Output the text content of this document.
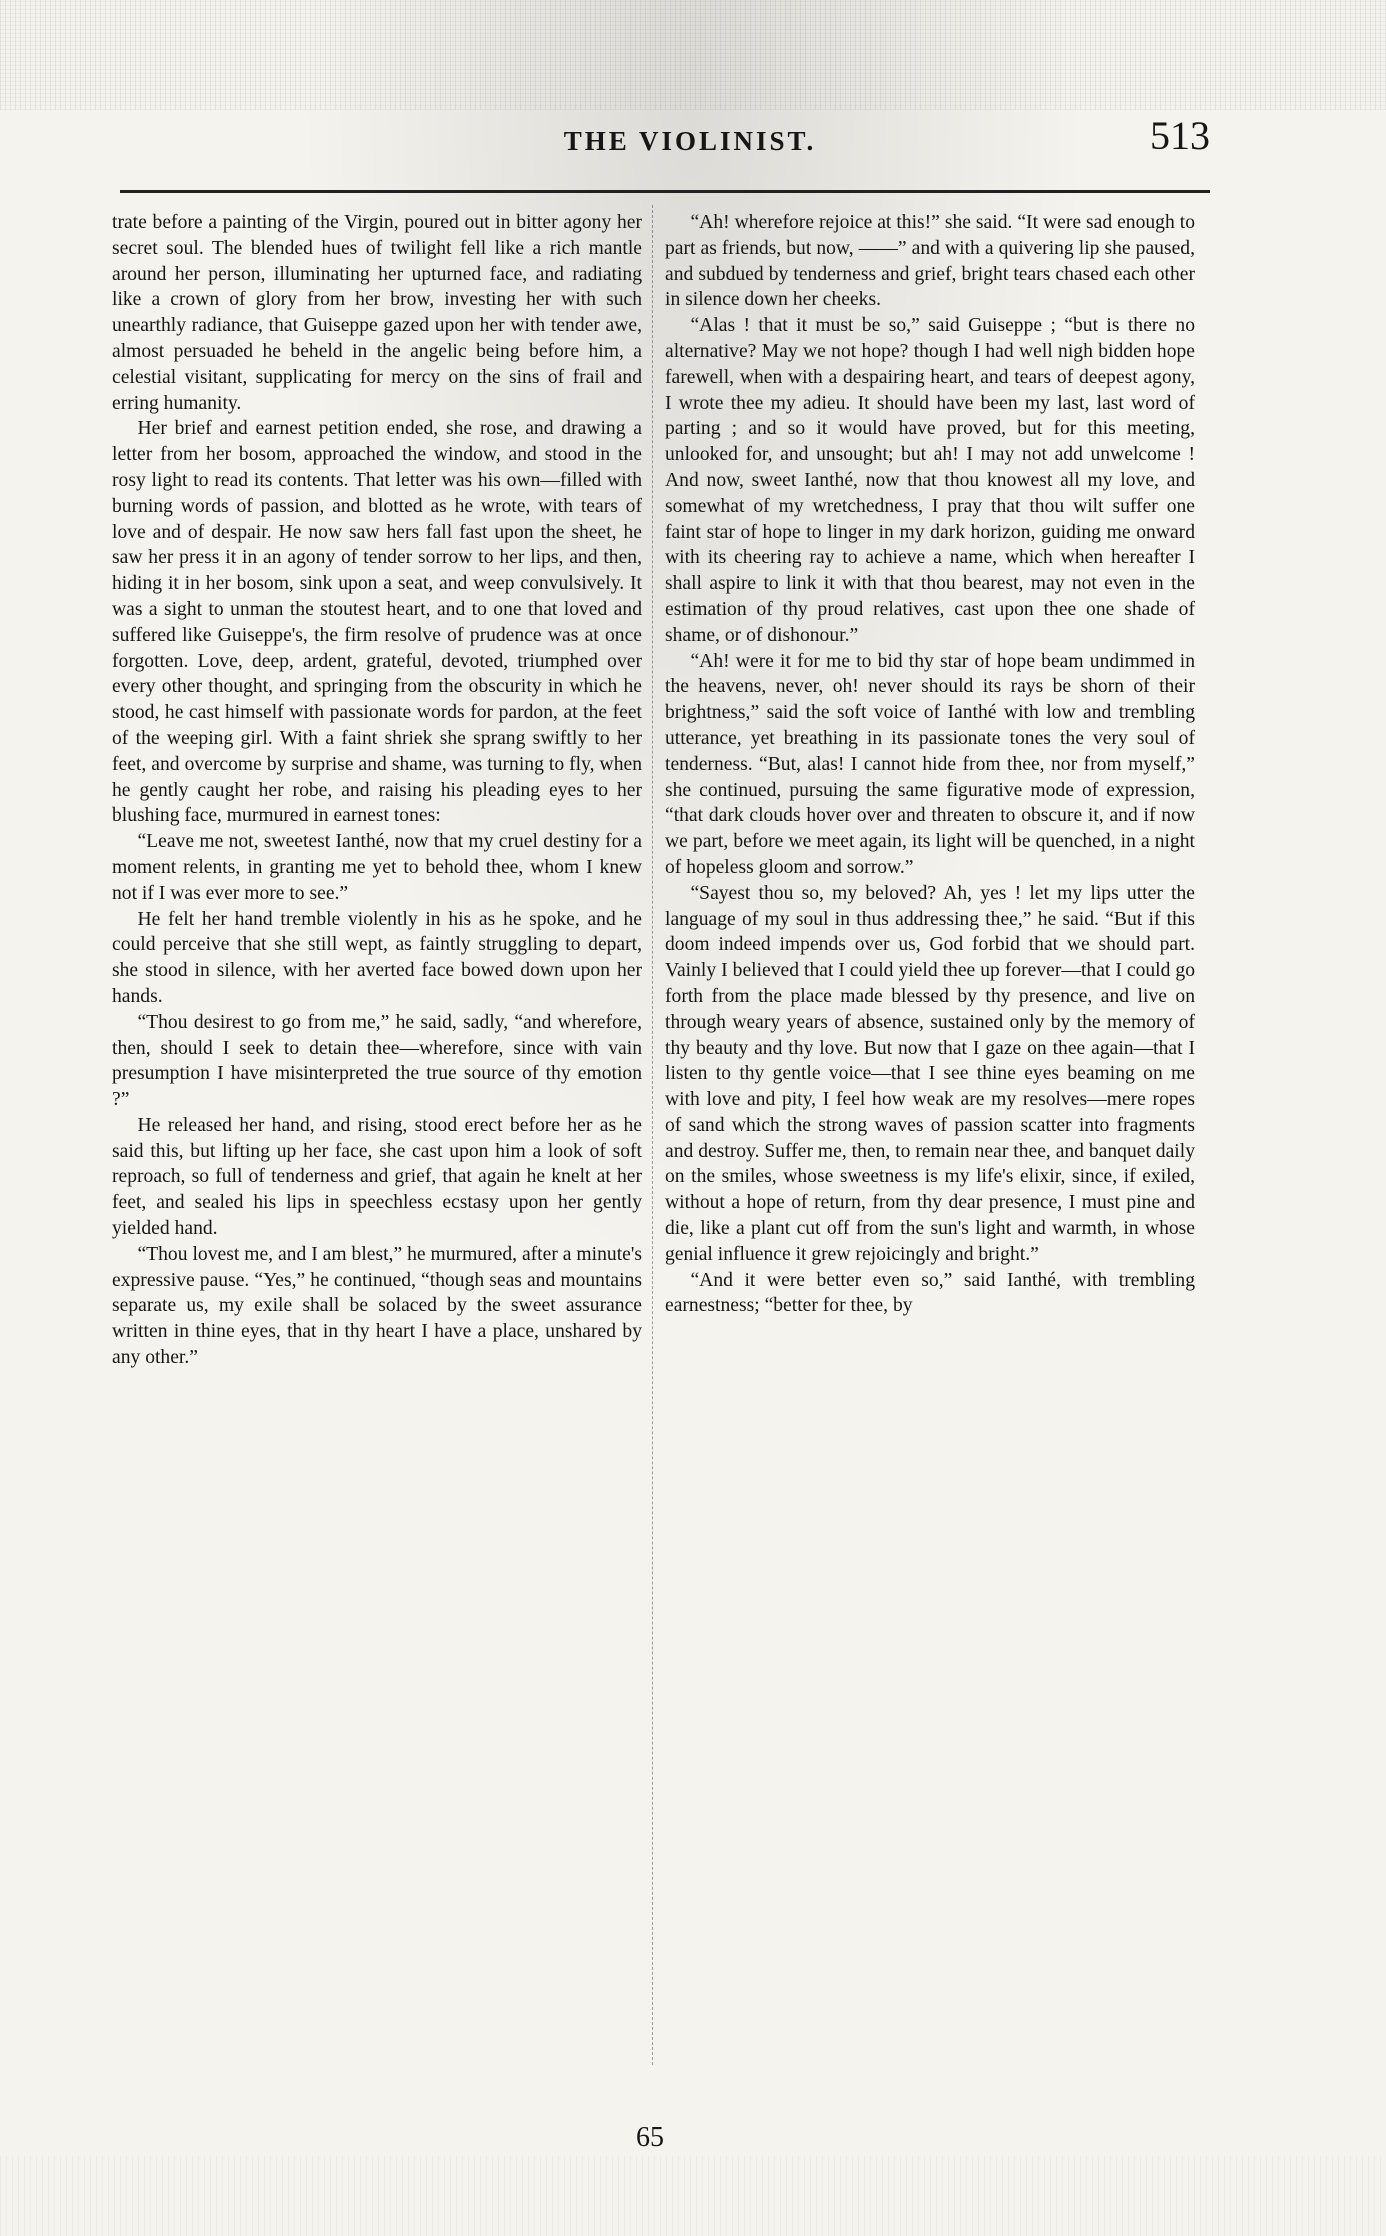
THE VIOLINIST.	513

trate before a painting of the Virgin, poured out in bitter agony her secret soul. The blended hues of twilight fell like a rich mantle around her person, illuminating her upturned face, and radiating like a crown of glory from her brow, investing her with such unearthly radiance, that Guiseppe gazed upon her with tender awe, almost persuaded he beheld in the angelic being before him, a celestial visitant, supplicating for mercy on the sins of frail and erring humanity.

Her brief and earnest petition ended, she rose, and drawing a letter from her bosom, approached the window, and stood in the rosy light to read its contents. That letter was his own—filled with burning words of passion, and blotted as he wrote, with tears of love and of despair. He now saw hers fall fast upon the sheet, he saw her press it in an agony of tender sorrow to her lips, and then, hiding it in her bosom, sink upon a seat, and weep convulsively. It was a sight to unman the stoutest heart, and to one that loved and suffered like Guiseppe's, the firm resolve of prudence was at once forgotten. Love, deep, ardent, grateful, devoted, triumphed over every other thought, and springing from the obscurity in which he stood, he cast himself with passionate words for pardon, at the feet of the weeping girl. With a faint shriek she sprang swiftly to her feet, and overcome by surprise and shame, was turning to fly, when he gently caught her robe, and raising his pleading eyes to her blushing face, murmured in earnest tones:

“Leave me not, sweetest Ianthé, now that my cruel destiny for a moment relents, in granting me yet to behold thee, whom I knew not if I was ever more to see.”

He felt her hand tremble violently in his as he spoke, and he could perceive that she still wept, as faintly struggling to depart, she stood in silence, with her averted face bowed down upon her hands.

“Thou desirest to go from me,” he said, sadly, “and wherefore, then, should I seek to detain thee—wherefore, since with vain presumption I have misinterpreted the true source of thy emotion ?”

He released her hand, and rising, stood erect before her as he said this, but lifting up her face, she cast upon him a look of soft reproach, so full of tenderness and grief, that again he knelt at her feet, and sealed his lips in speechless ecstasy upon her gently yielded hand.

“Thou lovest me, and I am blest,” he murmured, after a minute's expressive pause. “Yes,” he continued, “though seas and mountains separate us, my exile shall be solaced by the sweet assurance written in thine eyes, that in thy heart I have a place, unshared by any other.”

“Ah! wherefore rejoice at this!” she said. “It were sad enough to part as friends, but now, ——” and with a quivering lip she paused, and subdued by tenderness and grief, bright tears chased each other in silence down her cheeks.

“Alas ! that it must be so,” said Guiseppe ; “but is there no alternative? May we not hope? though I had well nigh bidden hope farewell, when with a despairing heart, and tears of deepest agony, I wrote thee my adieu. It should have been my last, last word of parting ; and so it would have proved, but for this meeting, unlooked for, and unsought; but ah! I may not add unwelcome ! And now, sweet Ianthé, now that thou knowest all my love, and somewhat of my wretchedness, I pray that thou wilt suffer one faint star of hope to linger in my dark horizon, guiding me onward with its cheering ray to achieve a name, which when hereafter I shall aspire to link it with that thou bearest, may not even in the estimation of thy proud relatives, cast upon thee one shade of shame, or of dishonour.”

“Ah! were it for me to bid thy star of hope beam undimmed in the heavens, never, oh! never should its rays be shorn of their brightness,” said the soft voice of Ianthé with low and trembling utterance, yet breathing in its passionate tones the very soul of tenderness. “But, alas! I cannot hide from thee, nor from myself,” she continued, pursuing the same figurative mode of expression, “that dark clouds hover over and threaten to obscure it, and if now we part, before we meet again, its light will be quenched, in a night of hopeless gloom and sorrow.”

“Sayest thou so, my beloved? Ah, yes ! let my lips utter the language of my soul in thus addressing thee,” he said. “But if this doom indeed impends over us, God forbid that we should part. Vainly I believed that I could yield thee up forever—that I could go forth from the place made blessed by thy presence, and live on through weary years of absence, sustained only by the memory of thy beauty and thy love. But now that I gaze on thee again—that I listen to thy gentle voice—that I see thine eyes beaming on me with love and pity, I feel how weak are my resolves—mere ropes of sand which the strong waves of passion scatter into fragments and destroy. Suffer me, then, to remain near thee, and banquet daily on the smiles, whose sweetness is my life's elixir, since, if exiled, without a hope of return, from thy dear presence, I must pine and die, like a plant cut off from the sun's light and warmth, in whose genial influence it grew rejoicingly and bright.”

“And it were better even so,” said Ianthé, with trembling earnestness; “better for thee, by

65
